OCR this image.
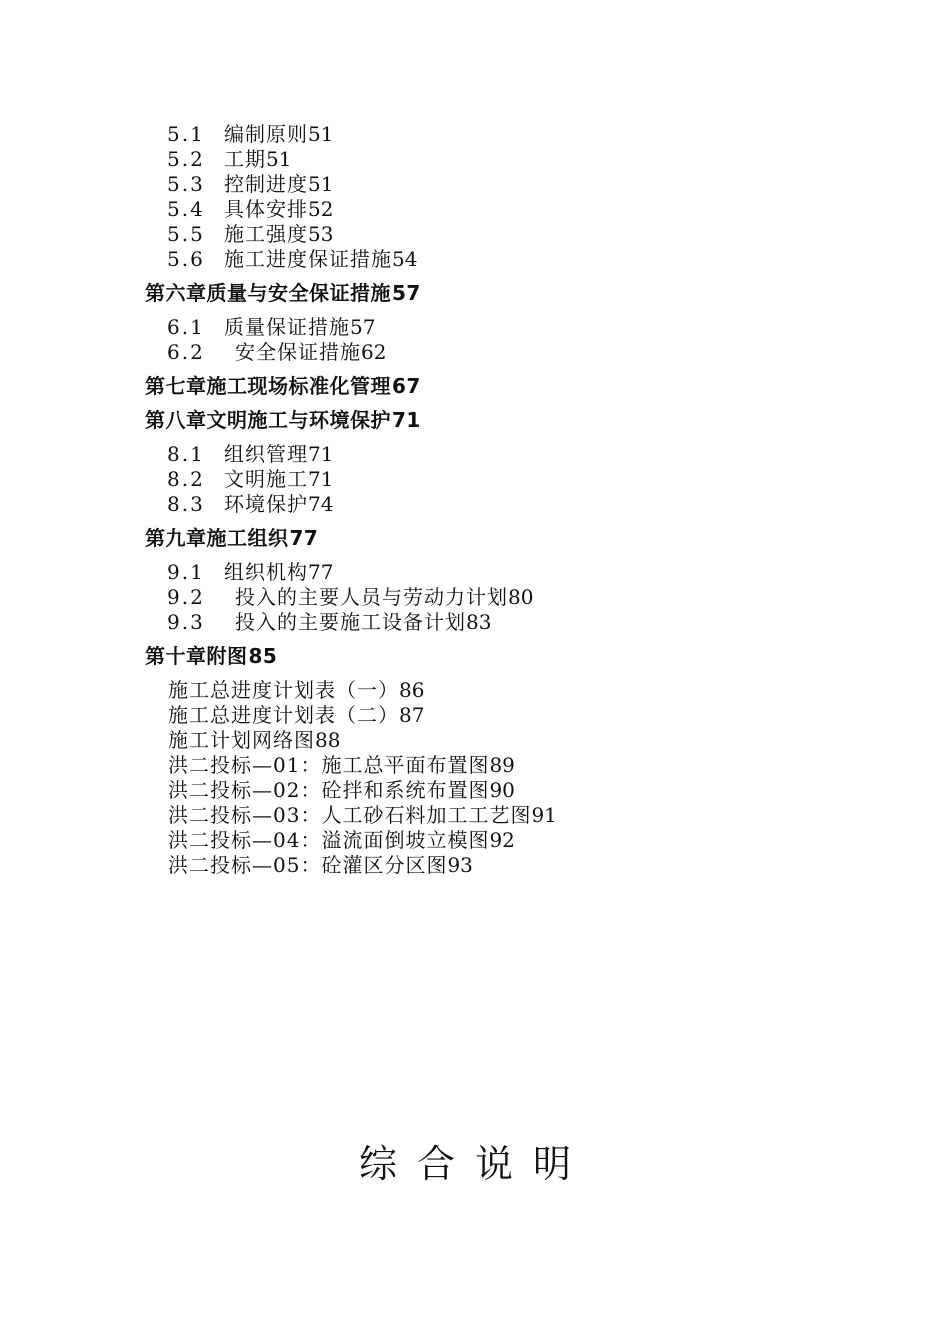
5.1 编制原则 51
5.2 工期 51
5.3 控制进度 51
5.4 具体安排 52
5.5 施工强度 53
5.6 施工进度保证措施 54
第六章质量与安全保证措施 57
6.1 质量保证措施 57
6.2	安全保证措施 62
第七章施工现场标准化管理 67
第八章文明施工与环境保护 71
8.1 组织管理 71
8.2 文明施工 71
8.3 环境保护 74
第九章施工组织 77
9.1 组织机构 77
9.2	投入的主要人员与劳动力计划 80
9.3	投入的主要施工设备计划 83
第十章附图 85
施工总进度计划表（一） 86
施工总进度计划表（二） 87
施工计划网络图 88
洪二投标—01：施工总平面布置图 89
洪二投标—02：砼拌和系统布置图 90
洪二投标—03：人工砂石料加工工艺图 91
洪二投标—04：溢流面倒坡立模图 92
洪二投标—05：砼灌区分区图 93
综合说明
